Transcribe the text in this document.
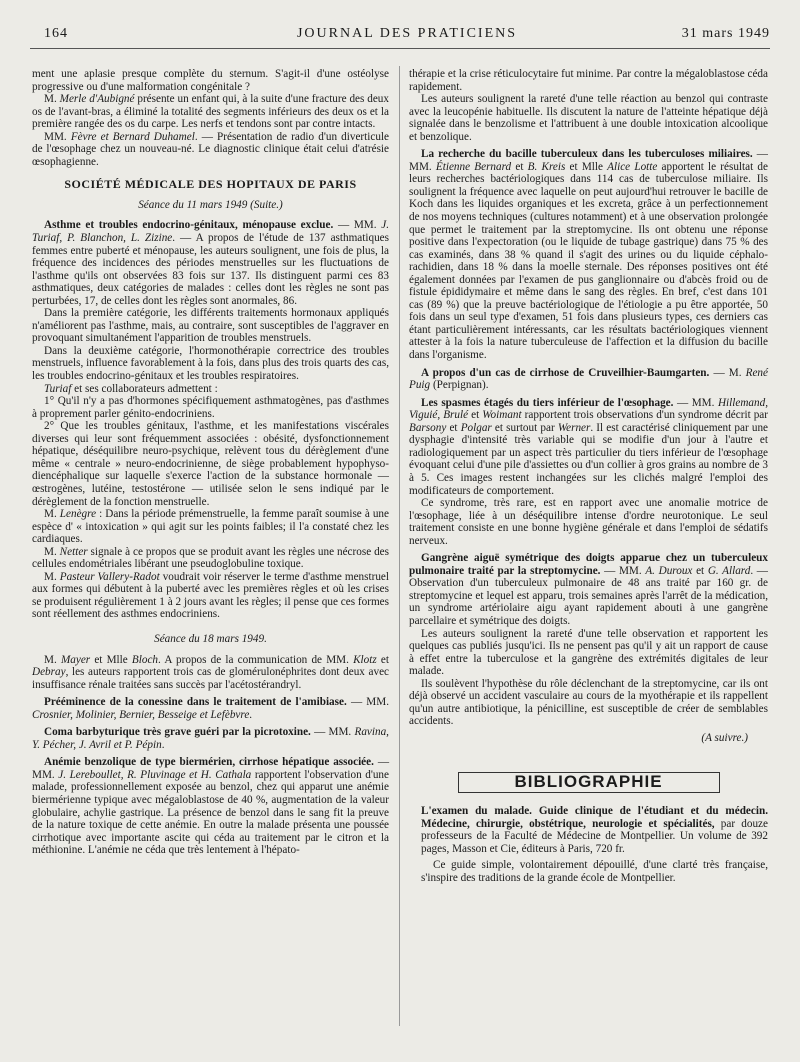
164	JOURNAL DES PRATICIENS	31 mars 1949

ment une aplasie presque complète du sternum. S'agit-il d'une ostéolyse progressive ou d'une malformation congénitale ?

M. Merle d'Aubigné présente un enfant qui, à la suite d'une fracture des deux os de l'avant-bras, a éliminé la totalité des segments inférieurs des deux os et la première rangée des os du carpe. Les nerfs et tendons sont par contre intacts.

MM. Fèvre et Bernard Duhamel. — Présentation de radio d'un diverticule de l'œsophage chez un nouveau-né. Le diagnostic clinique était celui d'atrésie œsophagienne.

SOCIÉTÉ MÉDICALE DES HOPITAUX DE PARIS
Séance du 11 mars 1949 (Suite.)

Asthme et troubles endocrino-génitaux, ménopause exclue. — MM. J. Turiaf, P. Blanchon, L. Zizine. — A propos de l'étude de 137 asthmatiques femmes entre puberté et ménopause, les auteurs soulignent, une fois de plus, la fréquence des incidences des périodes menstruelles sur les fluctuations de l'asthme qu'ils ont observées 83 fois sur 137. Ils distinguent parmi ces 83 asthmatiques, deux catégories de malades : celles dont les règles ne sont pas perturbées, 17, de celles dont les règles sont anormales, 86.

Dans la première catégorie, les différents traitements hormonaux appliqués n'améliorent pas l'asthme, mais, au contraire, sont susceptibles de l'aggraver en provoquant simultanément l'apparition de troubles menstruels.

Dans la deuxième catégorie, l'hormonothérapie correctrice des troubles menstruels, influence favorablement à la fois, dans plus des trois quarts des cas, les troubles endocrino-génitaux et les troubles respiratoires.

Turiaf et ses collaborateurs admettent :

1° Qu'il n'y a pas d'hormones spécifiquement asthmatogènes, pas d'asthmes à proprement parler génito-endocriniens.

2° Que les troubles génitaux, l'asthme, et les manifestations viscérales diverses qui leur sont fréquemment associées : obésité, dysfonctionnement hépatique, déséquilibre neuro-psychique, relèvent tous du dérèglement d'une même « centrale » neuro-endocrinienne, de siège probablement hypophyso-diencéphalique sur laquelle s'exerce l'action de la substance hormonale — œstrogènes, lutéine, testostérone — utilisée selon le sens indiqué par le dérèglement de la fonction menstruelle.

M. Lenègre : Dans la période prémenstruelle, la femme paraît soumise à une espèce d' « intoxication » qui agit sur les points faibles; il l'a constaté chez les cardiaques.

M. Netter signale à ce propos que se produit avant les règles une nécrose des cellules endométriales libérant une pseudoglobuline toxique.

M. Pasteur Vallery-Radot voudrait voir réserver le terme d'asthme menstruel aux formes qui débutent à la puberté avec les premières règles et où les crises se produisent régulièrement 1 à 2 jours avant les règles; il pense que ces formes sont réellement des asthmes endocriniens.

Séance du 18 mars 1949.

M. Mayer et Mlle Bloch. A propos de la communication de MM. Klotz et Debray, les auteurs rapportent trois cas de glomérulonéphrites dont deux avec insuffisance rénale traitées sans succès par l'acétostérandryl.

Prééminence de la conessine dans le traitement de l'amibiase. — MM. Crosnier, Molinier, Bernier, Besseige et Lefèbvre.

Coma barbyturique très grave guéri par la picrotoxine. — MM. Ravina, Y. Pécher, J. Avril et P. Pépin.

Anémie benzolique de type biermérien, cirrhose hépatique associée. — MM. J. Lereboullet, R. Pluvinage et H. Cathala rapportent l'observation d'une malade, professionnellement exposée au benzol, chez qui apparut une anémie biermérienne typique avec mégaloblastose de 40 %, augmentation de la valeur globulaire, achylie gastrique. La présence de benzol dans le sang fit la preuve de la nature toxique de cette anémie. En outre la malade présenta une poussée cirrhotique avec importante ascite qui céda au traitement par le citron et la méthionine. L'anémie ne céda que très lentement à l'hépato-

thérapie et la crise réticulocytaire fut minime. Par contre la mégaloblastose céda rapidement.

Les auteurs soulignent la rareté d'une telle réaction au benzol qui contraste avec la leucopénie habituelle. Ils discutent la nature de l'atteinte hépatique déjà signalée dans le benzolisme et l'attribuent à une double intoxication alcoolique et benzolique.

La recherche du bacille tuberculeux dans les tuberculoses miliaires. — MM. Étienne Bernard et B. Kreis et Mlle Alice Lotte apportent le résultat de leurs recherches bactériologiques dans 114 cas de tuberculose miliaire. Ils soulignent la fréquence avec laquelle on peut aujourd'hui retrouver le bacille de Koch dans les liquides organiques et les excreta, grâce à un perfectionnement de nos moyens techniques (cultures notamment) et à une observation prolongée que permet le traitement par la streptomycine. Ils ont obtenu une réponse positive dans l'expectoration (ou le liquide de tubage gastrique) dans 75 % des cas examinés, dans 38 % quand il s'agit des urines ou du liquide céphalo-rachidien, dans 18 % dans la moelle sternale. Des réponses positives ont été également données par l'examen de pus ganglionnaire ou d'abcès froid ou de fistule épididymaire et même dans le sang des règles. En bref, c'est dans 101 cas (89 %) que la preuve bactériologique de l'étiologie a pu être apportée, 50 fois dans un seul type d'examen, 51 fois dans plusieurs types, ces derniers cas étant particulièrement intéressants, car les résultats bactériologiques viennent attester à la fois la nature tuberculeuse de l'affection et la diffusion du bacille dans l'organisme.

A propos d'un cas de cirrhose de Cruveilhier-Baumgarten. — M. René Puig (Perpignan).

Les spasmes étagés du tiers inférieur de l'œsophage. — MM. Hillemand, Viguié, Brulé et Woimant rapportent trois observations d'un syndrome décrit par Barsony et Polgar et surtout par Werner. Il est caractérisé cliniquement par une dysphagie d'intensité très variable qui se modifie d'un jour à l'autre et radiologiquement par un aspect très particulier du tiers inférieur de l'œsophage évoquant celui d'une pile d'assiettes ou d'un collier à gros grains au nombre de 3 à 5. Ces images restent inchangées sur les clichés malgré l'emploi des modificateurs de comportement.

Ce syndrome, très rare, est en rapport avec une anomalie motrice de l'œsophage, liée à un déséquilibre intense d'ordre neurotonique. Le seul traitement consiste en une bonne hygiène générale et dans l'emploi de sédatifs nerveux.

Gangrène aiguë symétrique des doigts apparue chez un tuberculeux pulmonaire traité par la streptomycine. — MM. A. Duroux et G. Allard. — Observation d'un tuberculeux pulmonaire de 48 ans traité par 160 gr. de streptomycine et lequel est apparu, trois semaines après l'arrêt de la médication, un syndrome artériolaire aigu ayant rapidement abouti à une gangrène parcellaire et symétrique des doigts.

Les auteurs soulignent la rareté d'une telle observation et rapportent les quelques cas publiés jusqu'ici. Ils ne pensent pas qu'il y ait un rapport de cause à effet entre la tuberculose et la gangrène des extrémités digitales de leur malade.

Ils soulèvent l'hypothèse du rôle déclenchant de la streptomycine, car ils ont déjà observé un accident vasculaire au cours de la myothérapie et ils rappellent qu'un autre antibiotique, la pénicilline, est susceptible de créer de semblables accidents.

(A suivre.)

BIBLIOGRAPHIE

L'examen du malade. Guide clinique de l'étudiant et du médecin. Médecine, chirurgie, obstétrique, neurologie et spécialités, par douze professeurs de la Faculté de Médecine de Montpellier. Un volume de 392 pages, Masson et Cie, éditeurs à Paris, 720 fr.

Ce guide simple, volontairement dépouillé, d'une clarté très française, s'inspire des traditions de la grande école de Montpellier.
